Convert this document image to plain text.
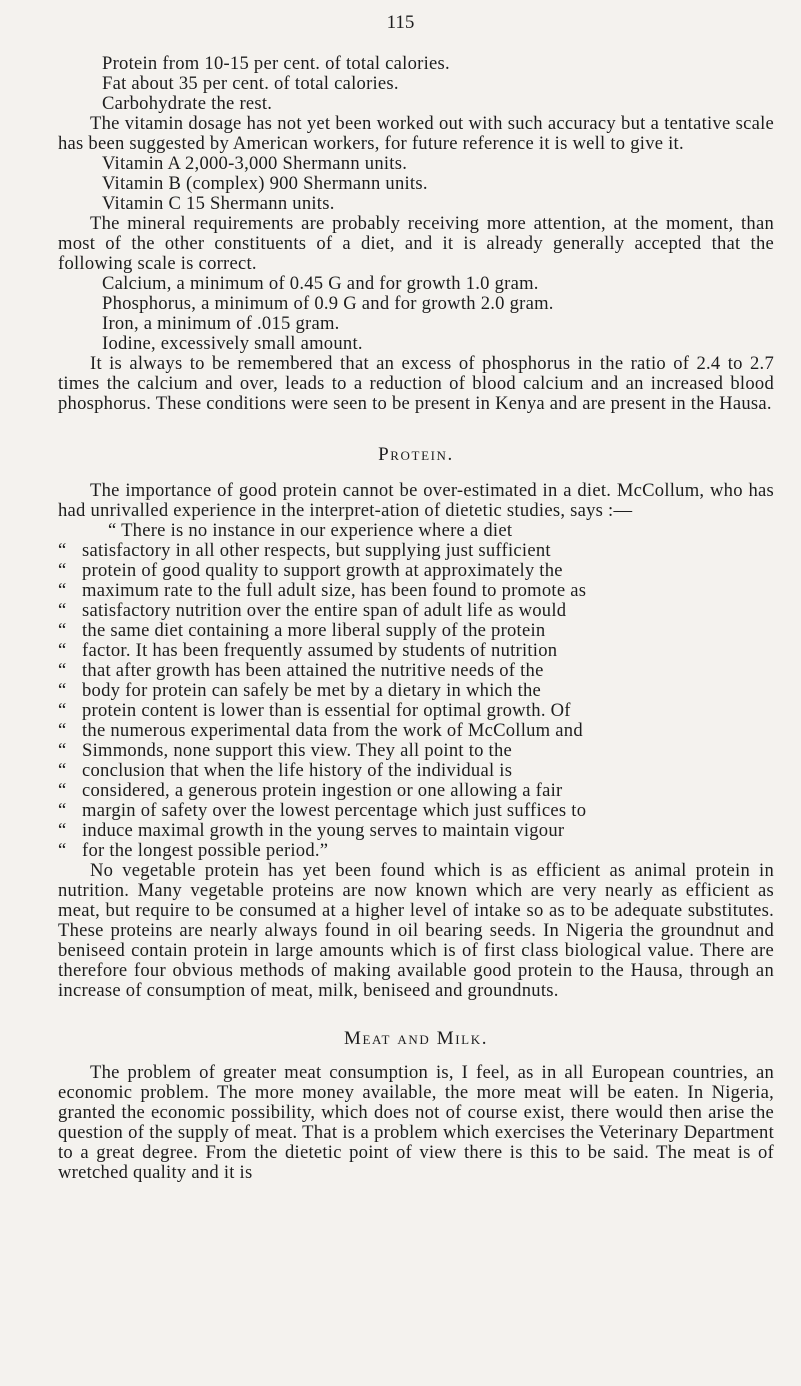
115

Protein from 10-15 per cent. of total calories.

Fat about 35 per cent. of total calories.

Carbohydrate the rest.

The vitamin dosage has not yet been worked out with such accuracy but a tentative scale has been suggested by American workers, for future reference it is well to give it.

Vitamin A 2,000-3,000 Shermann units.

Vitamin B (complex) 900 Shermann units.

Vitamin C 15 Shermann units.

The mineral requirements are probably receiving more attention, at the moment, than most of the other constituents of a diet, and it is already generally accepted that the following scale is correct.

Calcium, a minimum of 0.45 G and for growth 1.0 gram.

Phosphorus, a minimum of 0.9 G and for growth 2.0 gram.

Iron, a minimum of .015 gram.

Iodine, excessively small amount.

It is always to be remembered that an excess of phosphorus in the ratio of 2.4 to 2.7 times the calcium and over, leads to a reduction of blood calcium and an increased blood phosphorus. These conditions were seen to be present in Kenya and are present in the Hausa.

Protein.

The importance of good protein cannot be over-estimated in a diet. McCollum, who has had unrivalled experience in the interpret-ation of dietetic studies, says :—

“ There is no instance in our experience where a diet

“ satisfactory in all other respects, but supplying just sufficient

“ protein of good quality to support growth at approximately the

“ maximum rate to the full adult size, has been found to promote as

“ satisfactory nutrition over the entire span of adult life as would

“ the same diet containing a more liberal supply of the protein

“ factor. It has been frequently assumed by students of nutrition

“ that after growth has been attained the nutritive needs of the

“ body for protein can safely be met by a dietary in which the

“ protein content is lower than is essential for optimal growth. Of

“ the numerous experimental data from the work of McCollum and

“ Simmonds, none support this view. They all point to the

“ conclusion that when the life history of the individual is

“ considered, a generous protein ingestion or one allowing a fair

“ margin of safety over the lowest percentage which just suffices to

“ induce maximal growth in the young serves to maintain vigour

“ for the longest possible period.”

No vegetable protein has yet been found which is as efficient as animal protein in nutrition. Many vegetable proteins are now known which are very nearly as efficient as meat, but require to be consumed at a higher level of intake so as to be adequate substitutes. These proteins are nearly always found in oil bearing seeds. In Nigeria the groundnut and beniseed contain protein in large amounts which is of first class biological value. There are therefore four obvious methods of making available good protein to the Hausa, through an increase of consumption of meat, milk, beniseed and groundnuts.

Meat and Milk.

The problem of greater meat consumption is, I feel, as in all European countries, an economic problem. The more money available, the more meat will be eaten. In Nigeria, granted the economic possibility, which does not of course exist, there would then arise the question of the supply of meat. That is a problem which exercises the Veterinary Department to a great degree. From the dietetic point of view there is this to be said. The meat is of wretched quality and it is
